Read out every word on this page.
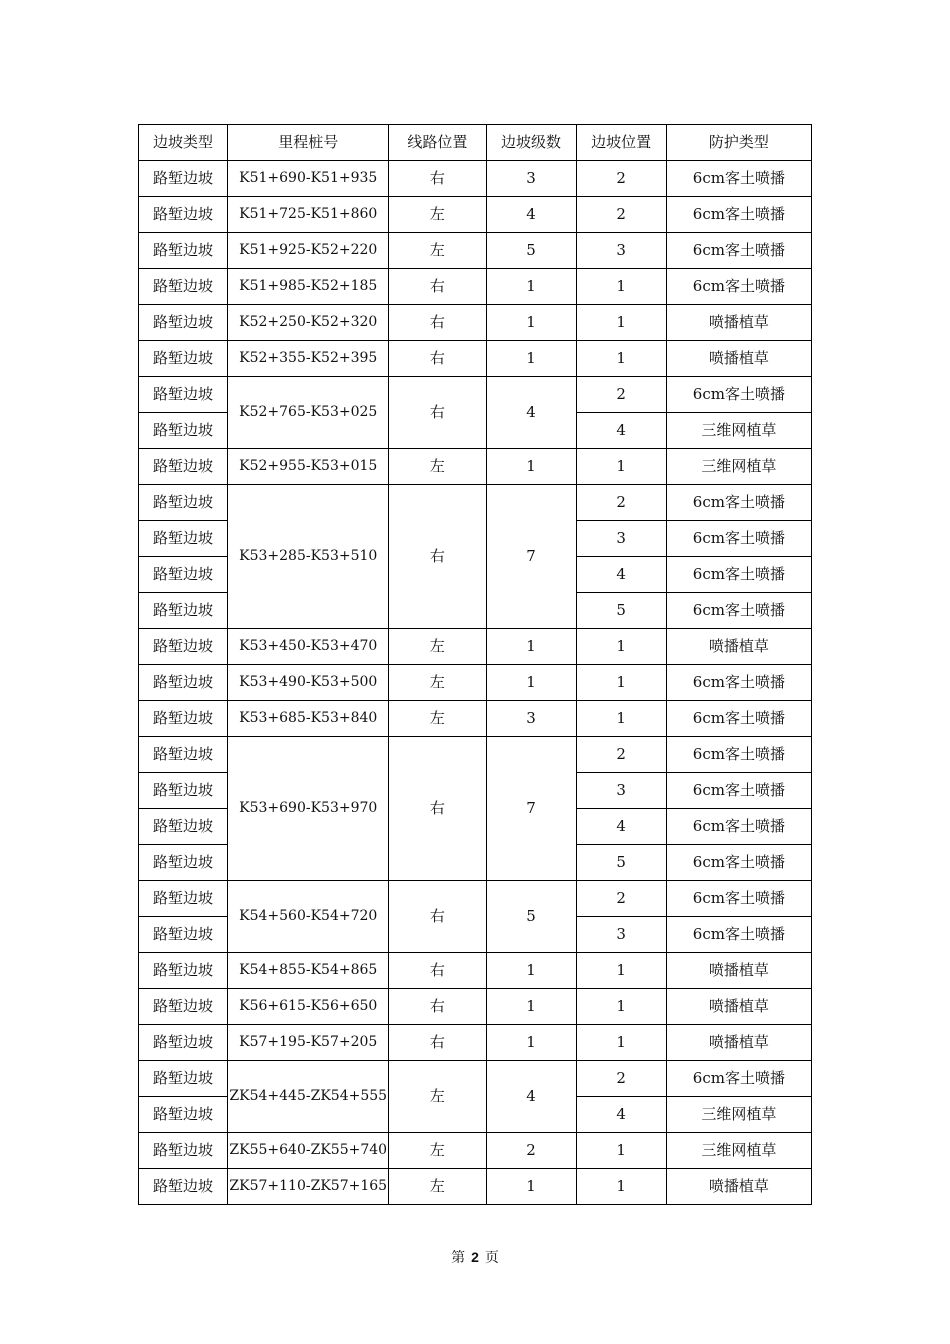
边坡类型	里程桩号	线路位置	边坡级数	边坡位置	防护类型
路堑边坡	K51+690-K51+935	右	3	2	6cm客土喷播
路堑边坡	K51+725-K51+860	左	4	2	6cm客土喷播
路堑边坡	K51+925-K52+220	左	5	3	6cm客土喷播
路堑边坡	K51+985-K52+185	右	1	1	6cm客土喷播
路堑边坡	K52+250-K52+320	右	1	1	喷播植草
路堑边坡	K52+355-K52+395	右	1	1	喷播植草
路堑边坡	K52+765-K53+025	右	4	2	6cm客土喷播
路堑边坡				4	三维网植草
路堑边坡	K52+955-K53+015	左	1	1	三维网植草
路堑边坡	K53+285-K53+510	右	7	2	6cm客土喷播
路堑边坡				3	6cm客土喷播
路堑边坡				4	6cm客土喷播
路堑边坡				5	6cm客土喷播
路堑边坡	K53+450-K53+470	左	1	1	喷播植草
路堑边坡	K53+490-K53+500	左	1	1	6cm客土喷播
路堑边坡	K53+685-K53+840	左	3	1	6cm客土喷播
路堑边坡	K53+690-K53+970	右	7	2	6cm客土喷播
路堑边坡				3	6cm客土喷播
路堑边坡				4	6cm客土喷播
路堑边坡				5	6cm客土喷播
路堑边坡	K54+560-K54+720	右	5	2	6cm客土喷播
路堑边坡				3	6cm客土喷播
路堑边坡	K54+855-K54+865	右	1	1	喷播植草
路堑边坡	K56+615-K56+650	右	1	1	喷播植草
路堑边坡	K57+195-K57+205	右	1	1	喷播植草
路堑边坡	ZK54+445-ZK54+555	左	4	2	6cm客土喷播
路堑边坡				4	三维网植草
路堑边坡	ZK55+640-ZK55+740	左	2	1	三维网植草
路堑边坡	ZK57+110-ZK57+165	左	1	1	喷播植草
第 2 页
